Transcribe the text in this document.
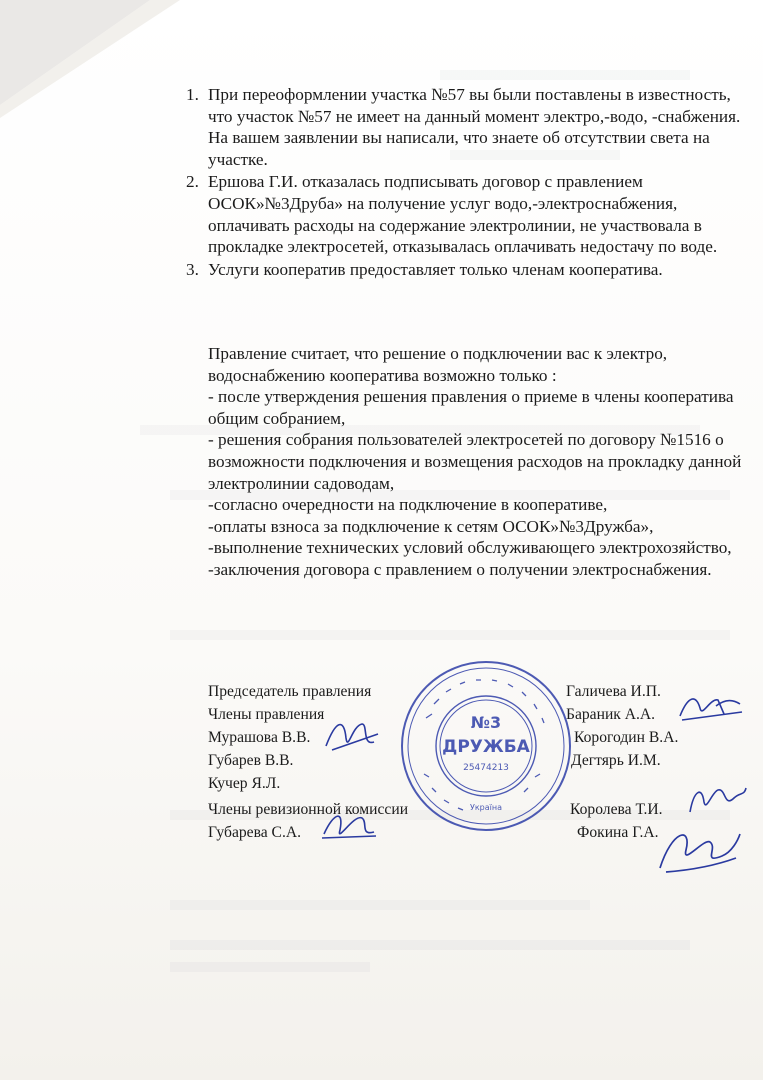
1. При переоформлении участка №57 вы были поставлены в известность, что участок №57 не имеет на данный момент электро,-водо, -снабжения. На вашем заявлении вы написали, что знаете об отсутствии света на участке.
2. Ершова Г.И. отказалась подписывать договор с правлением ОСОК»№3Друба» на получение услуг водо,-электроснабжения, оплачивать расходы на содержание электролинии, не участвовала в прокладке электросетей, отказывалась оплачивать недостачу по воде.
3. Услуги кооператив предоставляет только членам кооператива.

Правление считает, что решение о подключении вас к электро, водоснабжению кооператива возможно только :

- после утверждения решения правления о приеме в члены кооператива общим собранием,

- решения собрания пользователей электросетей по договору №1516 о возможности подключения и возмещения расходов на прокладку данной электролинии садоводам,

-согласно очередности на подключение в кооперативе,

-оплаты взноса за подключение к сетям ОСОК»№3Дружба»,

-выполнение технических условий обслуживающего электрохозяйство,

-заключения договора с правлением о получении электроснабжения.

Председатель правления	Галичева И.П.
Члены правления	Бараник А.А.
Мурашова В.В.	Корогодин В.А.
Губарев В.В.	Дегтярь И.М.
Кучер Я.Л.
Члены ревизионной комиссии	Королева Т.И.
Губарева С.А.	Фокина Г.А.
№3
ДРУЖБА
25474213
Україна
